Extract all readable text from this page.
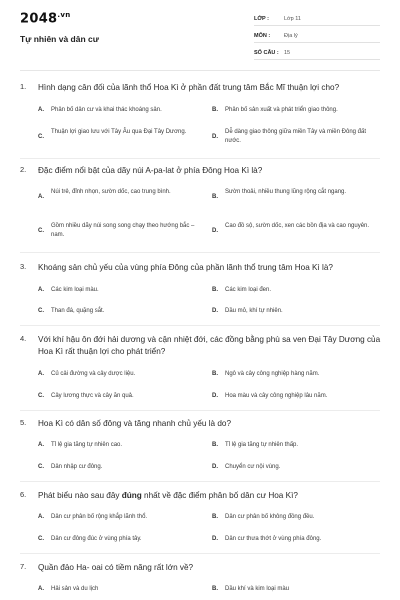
$2048^{.vn}$
Tự nhiên và dân cư
LỚP :	Lớp 11
MÔN :	Địa lý
SỐ CÂU : 15
1. Hình dạng cân đối của lãnh thổ Hoa Kì ở phần đất trung tâm Bắc Mĩ thuận lợi cho?
A. Phân bố dân cư và khai thác khoáng sản.	B. Phân bố sản xuất và phát triển giao thông.
C.
Thuận lợi giao lưu với Tây Âu qua Đại Tây Dương.
D.
Dễ dàng giao thông giữa miền Tây và miền Đông đất nước.
2. Đặc điểm nổi bật của dãy núi A-pa-lat ở phía Đông Hoa Kì là?
A.
Núi trẻ, đỉnh nhọn, sườn dốc, cao trung bình.
B.
Sườn thoải, nhiều thung lũng rộng cắt ngang.
C.
Gồm nhiều dãy núi song song chạy theo hướng bắc – nam.
D.
Cao đồ sộ, sườn dốc, xen các bồn địa và cao nguyên.
3. Khoáng sản chủ yếu của vùng phía Đông của phần lãnh thổ trung tâm Hoa Kì là?
A. Các kim loại màu.	B. Các kim loại đen.
C. Than đá, quặng sắt.	D. Dầu mỏ, khí tự nhiên.
4. Với khí hậu ôn đới hải dương và cận nhiệt đới, các đồng bằng phù sa ven Đại Tây Dương của Hoa Kì rất thuận lợi cho phát triển?
A. Củ cải đường và cây dược liệu.	B. Ngô và cây công nghiệp hàng năm.
C. Cây lương thực và cây ăn quả.	D. Hoa màu và cây công nghiệp lâu năm.
5. Hoa Kì có dân số đông và tăng nhanh chủ yếu là do?
A. Tỉ lệ gia tăng tự nhiên cao.	B. Tỉ lệ gia tăng tự nhiên thấp.
C. Dân nhập cư đông.	D. Chuyển cư nội vùng.
6. Phát biểu nào sau đây đúng nhất về đặc điểm phân bố dân cư Hoa Kì?
A. Dân cư phân bố rộng khắp lãnh thổ.	B. Dân cư phân bố không đồng đều.
C. Dân cư đông đúc ở vùng phía tây.	D. Dân cư thưa thớt ở vùng phía đông.
7. Quần đảo Ha- oai có tiềm năng rất lớn về?
A. Hải sản và du lịch	B. Dầu khí và kim loại màu
